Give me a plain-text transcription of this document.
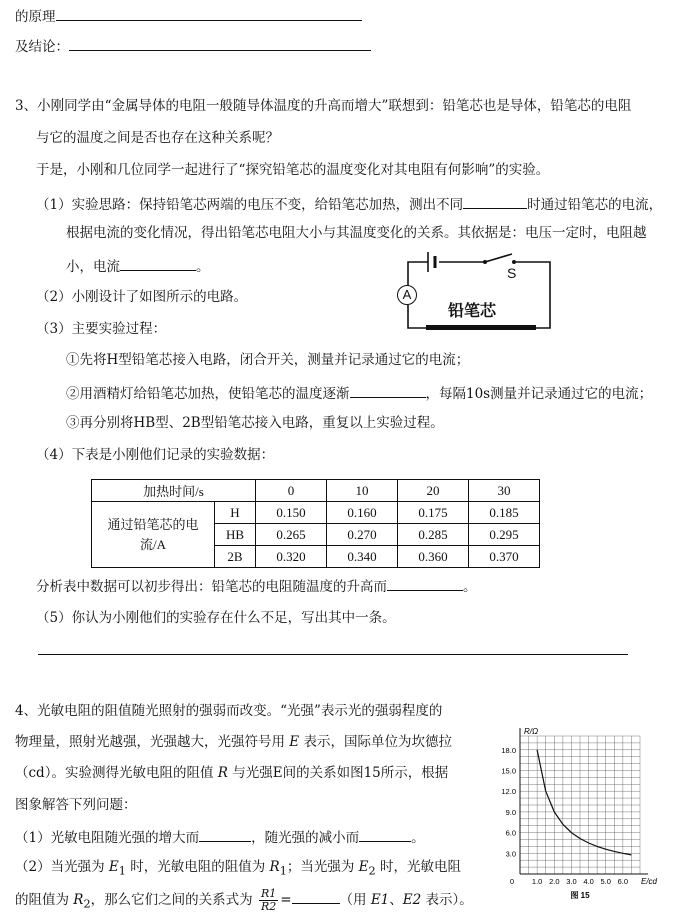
的原理
及结论：
3、小刚同学由“金属导体的电阻一般随导体温度的升高而增大”联想到：铅笔芯也是导体，铅笔芯的电阻
与它的温度之间是否也存在这种关系呢？
于是，小刚和几位同学一起进行了“探究铅笔芯的温度变化对其电阻有何影响”的实验。
（1）实验思路：保持铅笔芯两端的电压不变，给铅笔芯加热，测出不同	时通过铅笔芯的电流，
根据电流的变化情况，得出铅笔芯电阻大小与其温度变化的关系。其依据是：电压一定时，电阻越
小，电流	。
（2）小刚设计了如图所示的电路。
（3）主要实验过程：
①先将H型铅笔芯接入电路，闭合开关，测量并记录通过它的电流；
②用酒精灯给铅笔芯加热，使铅笔芯的温度逐渐	，每隔10s测量并记录通过它的电流；
③再分别将HB型、2B型铅笔芯接入电路，重复以上实验过程。
（4）下表是小刚他们记录的实验数据：
A
S
铅笔芯
加热时间/s		0	10	20	30
通过铅笔芯的电流/A	H	0.150	0.160	0.175	0.185
	HB	0.265	0.270	0.285	0.295
	2B	0.320	0.340	0.360	0.370
分析表中数据可以初步得出：铅笔芯的电阻随温度的升高而	。
（5）你认为小刚他们的实验存在什么不足，写出其中一条。
4、光敏电阻的阻值随光照射的强弱而改变。“光强”表示光的强弱程度的
物理量，照射光越强，光强越大，光强符号用 E 表示，国际单位为坎德拉
（cd）。实验测得光敏电阻的阻值 R 与光强E间的关系如图15所示，根据
图象解答下列问题：
（1）光敏电阻随光强的增大而	，随光强的减小而	。
（2）当光强为 $E_1$ 时，光敏电阻的阻值为 $R_1$；当光强为 $E_2$ 时，光敏电阻
的阻值为 $R_2$，那么它们之间的关系式为 $\frac{R1}{R2}$ =	（用 E1、E2 表示）。
1.0 2.0 3.0 4.0 5.0 6.0
0
3.0
6.0
9.0
12.0
15.0
18.0
R/Ω
E/cd
图 15
